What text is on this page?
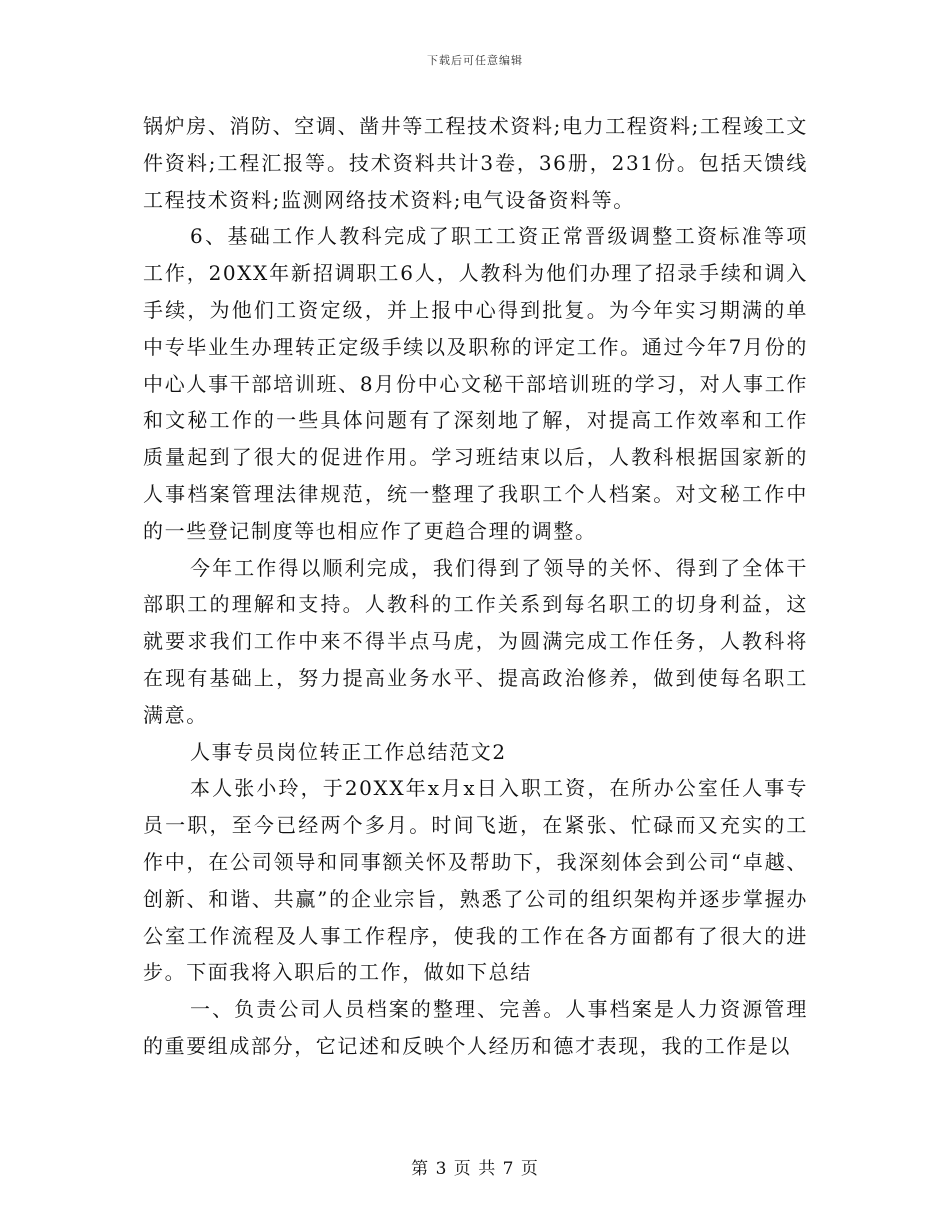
下载后可任意编辑

锅炉房、消防、空调、凿井等工程技术资料;电力工程资料;工程竣工文件资料;工程汇报等。技术资料共计3卷，36册，231份。包括天馈线工程技术资料;监测网络技术资料;电气设备资料等。

6、基础工作人教科完成了职工工资正常晋级调整工资标准等项工作，20XX年新招调职工6人，人教科为他们办理了招录手续和调入手续，为他们工资定级，并上报中心得到批复。为今年实习期满的单中专毕业生办理转正定级手续以及职称的评定工作。通过今年7月份的中心人事干部培训班、8月份中心文秘干部培训班的学习，对人事工作和文秘工作的一些具体问题有了深刻地了解，对提高工作效率和工作质量起到了很大的促进作用。学习班结束以后，人教科根据国家新的人事档案管理法律规范，统一整理了我职工个人档案。对文秘工作中的一些登记制度等也相应作了更趋合理的调整。

今年工作得以顺利完成，我们得到了领导的关怀、得到了全体干部职工的理解和支持。人教科的工作关系到每名职工的切身利益，这就要求我们工作中来不得半点马虎，为圆满完成工作任务，人教科将在现有基础上，努力提高业务水平、提高政治修养，做到使每名职工满意。

人事专员岗位转正工作总结范文2

本人张小玲，于20XX年x月x日入职工资，在所办公室任人事专员一职，至今已经两个多月。时间飞逝，在紧张、忙碌而又充实的工作中，在公司领导和同事额关怀及帮助下，我深刻体会到公司“卓越、创新、和谐、共赢”的企业宗旨，熟悉了公司的组织架构并逐步掌握办公室工作流程及人事工作程序，使我的工作在各方面都有了很大的进步。下面我将入职后的工作，做如下总结

一、负责公司人员档案的整理、完善。人事档案是人力资源管理的重要组成部分，它记述和反映个人经历和德才表现，我的工作是以

第 3 页 共 7 页
